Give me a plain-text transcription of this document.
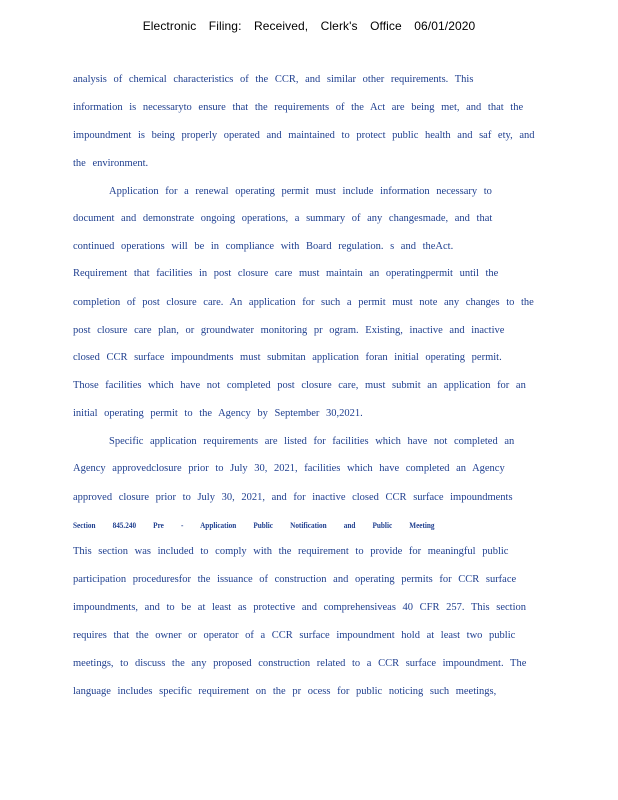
Electronic Filing: Received, Clerk's Office 06/01/2020
analysis of chemical characteristics of the CCR, and similar other requirements. This
information is necessaryto ensure that the requirements of the Act are being met, and that the
impoundment is being properly operated and maintained to protect public health and saf ety, and
the environment.
Application for a renewal operating permit must include information necessary to
document and demonstrate ongoing operations, a summary of any changesmade, and that
continued operations will be in compliance with Board regulation. s and theAct.
Requirement that facilities in post closure care must maintain an operatingpermit until the
completion of post closure care. An application for such a permit must note any changes to the
post closure care plan, or groundwater monitoring pr ogram. Existing, inactive and inactive
closed CCR surface impoundments must submitan application foran initial operating permit.
Those facilities which have not completed post closure care, must submit an application for an
initial operating permit to the Agency by September 30,2021.
Specific application requirements are listed for facilities which have not completed an
Agency approvedclosure prior to July 30, 2021, facilities which have completed an Agency
approved closure prior to July 30, 2021, and for inactive closed CCR surface impoundments
Section 845.240 Pre - Application Public Notification and Public Meeting
This section was included to comply with the requirement to provide for meaningful public
participation proceduresfor the issuance of construction and operating permits for CCR surface
impoundments, and to be at least as protective and comprehensiveas 40 CFR 257. This section
requires that the owner or operator of a CCR surface impoundment hold at least two public
meetings, to discuss the any proposed construction related to a CCR surface impoundment. The
language includes specific requirement on the pr ocess for public noticing such meetings,
